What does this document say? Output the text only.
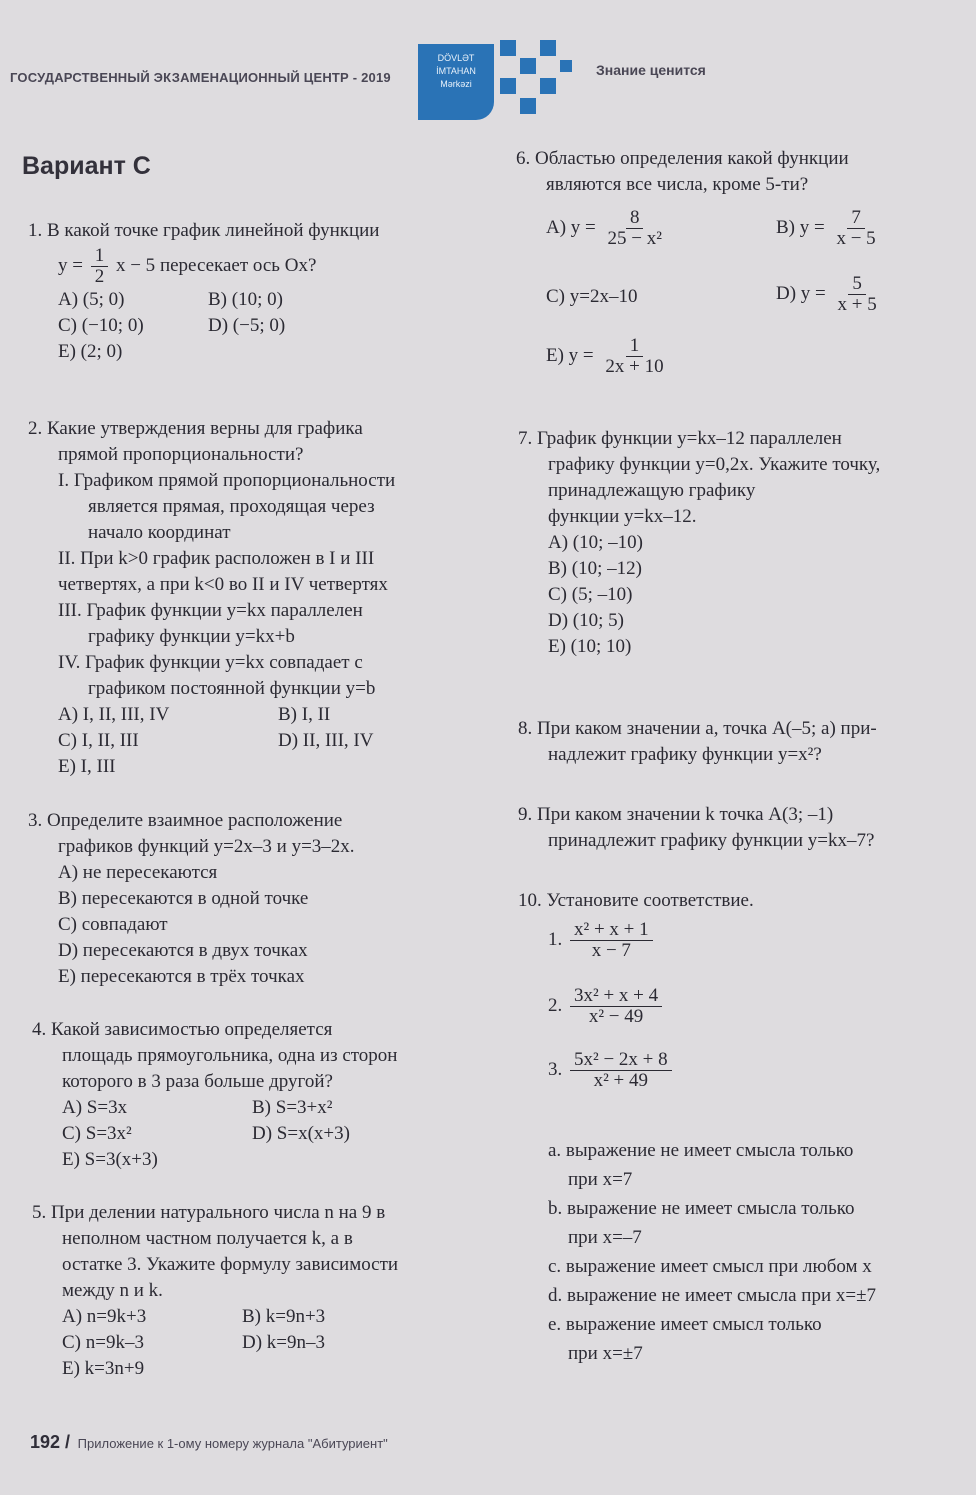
ГОСУДАРСТВЕННЫЙ ЭКЗАМЕНАЦИОННЫЙ ЦЕНТР - 2019
DÖVLƏT
İMTAHAN
Mərkəzi
Знание ценится
Вариант С

1. В какой точке график линейной функции

$y = \frac{1}{2}$ x − 5 пересекает ось Ox?

A) (5; 0)	B) (10; 0)
C) (−10; 0)	D) (−5; 0)
E) (2; 0)

2. Какие утверждения верны для графика

прямой пропорциональности?

I. Графиком прямой пропорциональности

является прямая, проходящая через

начало координат

II. При k>0 график расположен в I и III

четвертях, а при k<0 во II и IV четвертях

III. График функции y=kx параллелен

графику функции y=kx+b

IV. График функции y=kx совпадает с

графиком постоянной функции y=b

A) I, II, III, IV	B) I, II
C) I, II, III	D) II, III, IV
E) I, III

3. Определите взаимное расположение

графиков функций y=2x–3 и y=3–2x.

A) не пересекаются
B) пересекаются в одной точке
C) совпадают
D) пересекаются в двух точках
E) пересекаются в трёх точках

4. Какой зависимостью определяется

площадь прямоугольника, одна из сторон

которого в 3 раза больше другой?

A) S=3x	B) S=3+x²
C) S=3x²	D) S=x(x+3)
E) S=3(x+3)

5. При делении натурального числа n на 9 в

неполном частном получается k, а в

остатке 3. Укажите формулу зависимости

между n и k.

A) n=9k+3	B) k=9n+3
C) n=9k–3	D) k=9n–3
E) k=3n+9

6. Областью определения какой функции

являются все числа, кроме 5-ти?

A) $y = \frac{8}{\text{25 − x²}}$	B) $y = \frac{7}{x - 5}$
C) y=2x–10	D) $y = \frac{5}{x + 5}$
E) $y = \frac{1}{2x + 10}$

7. График функции y=kx–12 параллелен

графику функции y=0,2x. Укажите точку,

принадлежащую графику

функции y=kx–12.

A) (10; –10)
B) (10; –12)
C) (5; –10)
D) (10; 5)
E) (10; 10)

8. При каком значении a, точка A(–5; a) при-

надлежит графику функции y=x²?

9. При каком значении k точка A(3; –1)

принадлежит графику функции y=kx–7?

10. Установите соответствие.

1. $\frac{\text{x² + x + 1}}{x - 7}$
2. $\frac{\text{3x² + x + 4}}{\text{x² − 49}}$
3. $\frac{\text{5x² − 2x + 8}}{\text{x² + 49}}$

a. выражение не имеет смысла только

при x=7

b. выражение не имеет смысла только

при x=–7

c. выражение имеет смысл при любом x

d. выражение не имеет смысла при x=±7

e. выражение имеет смысл только

при x=±7

192 / Приложение к 1-ому номеру журнала "Абитуриент"
